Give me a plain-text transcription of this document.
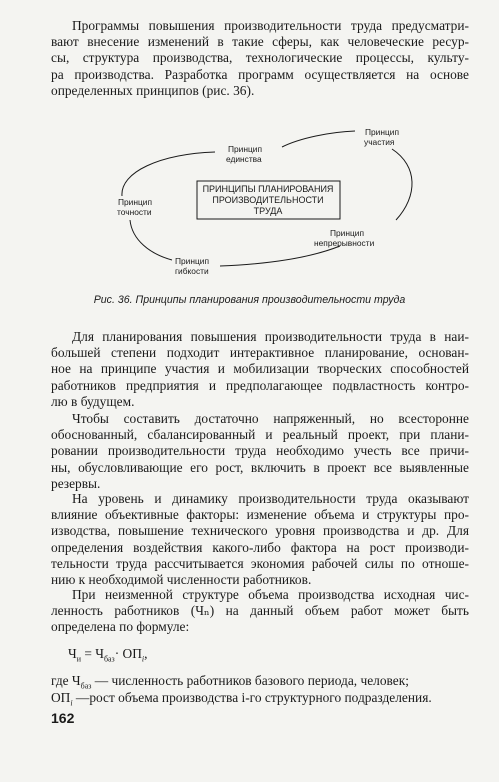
Программы повышения производительности труда предусматри-
вают внесение изменений в такие сферы, как человеческие ресур-
сы, структура производства, технологические процессы, культу-
ра производства. Разработка программ осуществляется на основе
определенных принципов (рис. 36).
ПРИНЦИПЫ ПЛАНИРОВАНИЯ
ПРОИЗВОДИТЕЛЬНОСТИ
ТРУДА
Принцип
единства
Принцип
участия
Принцип
точности
Принцип
непрерывности
Принцип
гибкости
Рис. 36. Принципы планирования производительности труда
Для планирования повышения производительности труда в наи-
большей степени подходит интерактивное планирование, основан-
ное на принципе участия и мобилизации творческих способностей
работников предприятия и предполагающее подвластность контро-
лю в будущем.
Чтобы составить достаточно напряженный, но всесторонне
обоснованный, сбалансированный и реальный проект, при плани-
ровании производительности труда необходимо учесть все причи-
ны, обусловливающие его рост, включить в проект все выявленные
резервы.
На уровень и динамику производительности труда оказывают
влияние объективные факторы: изменение объема и структуры про-
изводства, повышение технического уровня производства и др. Для
определения воздействия какого-либо фактора на рост производи-
тельности труда рассчитывается экономия рабочей силы по отноше-
нию к необходимой численности работников.
При неизменной структуре объема производства исходная чис-
ленность работников (Чₙ) на данный объем работ может быть
определена по формуле:
$Ч_и = Ч_{баз}\cdot ОП_i$,
где $Ч_{баз}$ — численность работников базового периода, человек;
$ОП_i$ —рост объема производства i-го структурного подразделения.
162
